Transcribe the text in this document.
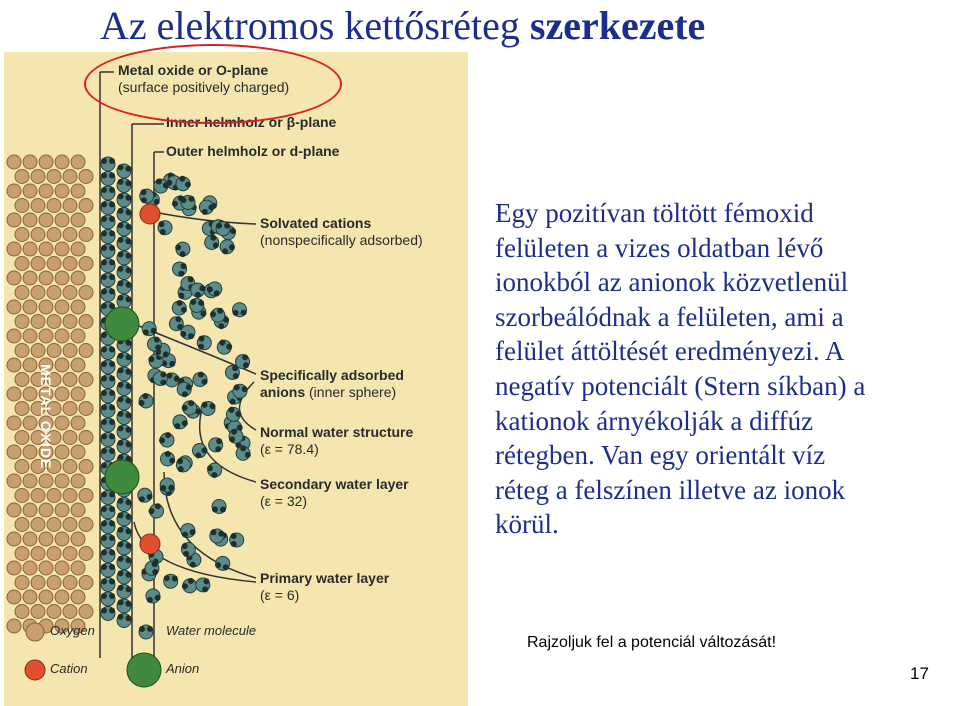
Az elektromos kettősréteg szerkezete
METAL OXIDE
Metal oxide or O-plane
(surface positively charged)
Inner helmholz or β-plane
Outer helmholz or d-plane
Solvated cations
(nonspecifically adsorbed)
Specifically adsorbed
anions (inner sphere)
Normal water structure
(ε = 78.4)
Secondary water layer
(ε = 32)
Primary water layer
(ε = 6)
Oxygen	Water molecule
Cation	Anion
Egy pozitívan töltött fémoxid
felületen a vizes oldatban lévő
ionokból az anionok közvetlenül
szorbeálódnak a felületen, ami a
felület áttöltését eredményezi. A
negatív potenciált (Stern síkban) a
kationok árnyékolják a diffúz
rétegben. Van egy orientált víz
réteg a felszínen illetve az ionok
körül.
Rajzoljuk fel a potenciál változását!
17
